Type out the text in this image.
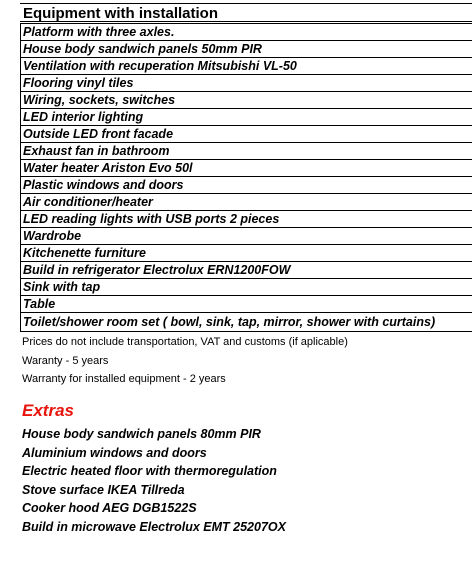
Equipment with installation
Platform with three axles.
House body sandwich panels 50mm PIR
Ventilation with recuperation Mitsubishi VL-50
Flooring vinyl tiles
Wiring, sockets, switches
LED interior lighting
Outside LED front facade
Exhaust fan in bathroom
Water heater Ariston Evo 50l
Plastic windows and doors
Air conditioner/heater
LED reading lights with USB ports 2 pieces
Wardrobe
Kitchenette furniture
Build in refrigerator Electrolux ERN1200FOW
Sink with tap
Table
Toilet/shower room set ( bowl, sink, tap, mirror, shower with curtains)
Prices do not include transportation, VAT and customs (if aplicable)
Waranty - 5 years
Warranty for installed equipment - 2 years
Extras
House body sandwich panels 80mm PIR
Aluminium windows and doors
Electric heated floor with thermoregulation
Stove surface IKEA Tillreda
Cooker hood AEG DGB1522S
Build in microwave Electrolux EMT 25207OX
